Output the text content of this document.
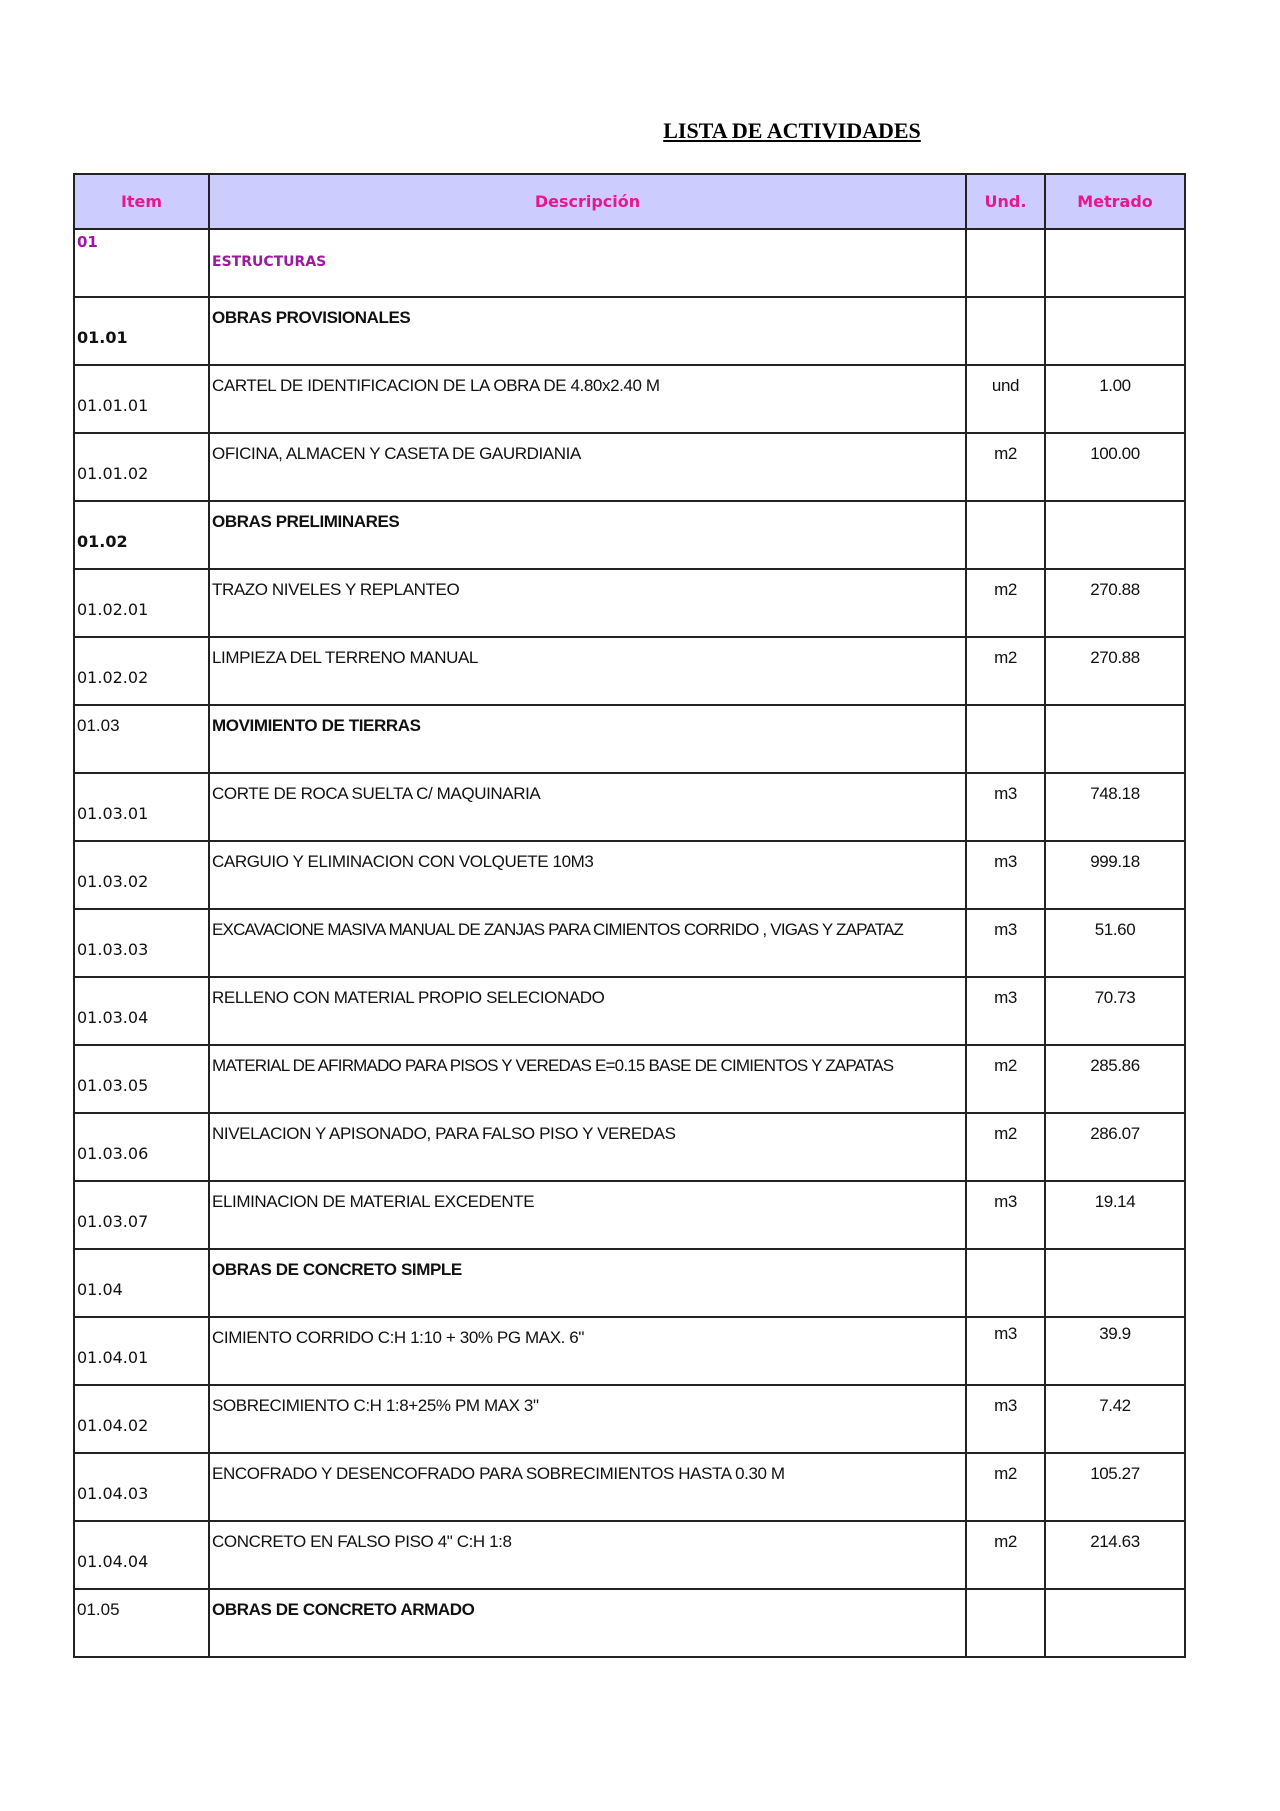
LISTA DE ACTIVIDADES
Item	Descripción	Und.	Metrado

01	ESTRUCTURAS		

01.01	OBRAS PROVISIONALES		

01.01.01	CARTEL DE IDENTIFICACION DE LA OBRA DE 4.80x2.40 M	und	1.00

01.01.02	OFICINA, ALMACEN Y CASETA DE GAURDIANIA	m2	100.00

01.02	OBRAS PRELIMINARES		

01.02.01	TRAZO NIVELES Y REPLANTEO	m2	270.88

01.02.02	LIMPIEZA DEL TERRENO MANUAL	m2	270.88

01.03	MOVIMIENTO DE TIERRAS		

01.03.01	CORTE DE ROCA SUELTA C/ MAQUINARIA	m3	748.18

01.03.02	CARGUIO Y ELIMINACION CON VOLQUETE 10M3	m3	999.18

01.03.03	EXCAVACIONE MASIVA MANUAL DE ZANJAS PARA CIMIENTOS CORRIDO , VIGAS Y ZAPATAZ	m3	51.60

01.03.04	RELLENO CON MATERIAL PROPIO SELECIONADO	m3	70.73

01.03.05	MATERIAL DE AFIRMADO PARA PISOS Y VEREDAS E=0.15 BASE DE CIMIENTOS Y ZAPATAS	m2	285.86

01.03.06	NIVELACION Y APISONADO, PARA FALSO PISO Y VEREDAS	m2	286.07

01.03.07	ELIMINACION DE MATERIAL EXCEDENTE	m3	19.14

01.04	OBRAS DE CONCRETO SIMPLE		

01.04.01	CIMIENTO CORRIDO C:H 1:10 + 30% PG MAX. 6"	m3	39.9

01.04.02	SOBRECIMIENTO C:H 1:8+25% PM MAX 3"	m3	7.42

01.04.03	ENCOFRADO Y DESENCOFRADO PARA SOBRECIMIENTOS HASTA 0.30 M	m2	105.27

01.04.04	CONCRETO EN FALSO PISO 4" C:H 1:8	m2	214.63

01.05	OBRAS DE CONCRETO ARMADO		
